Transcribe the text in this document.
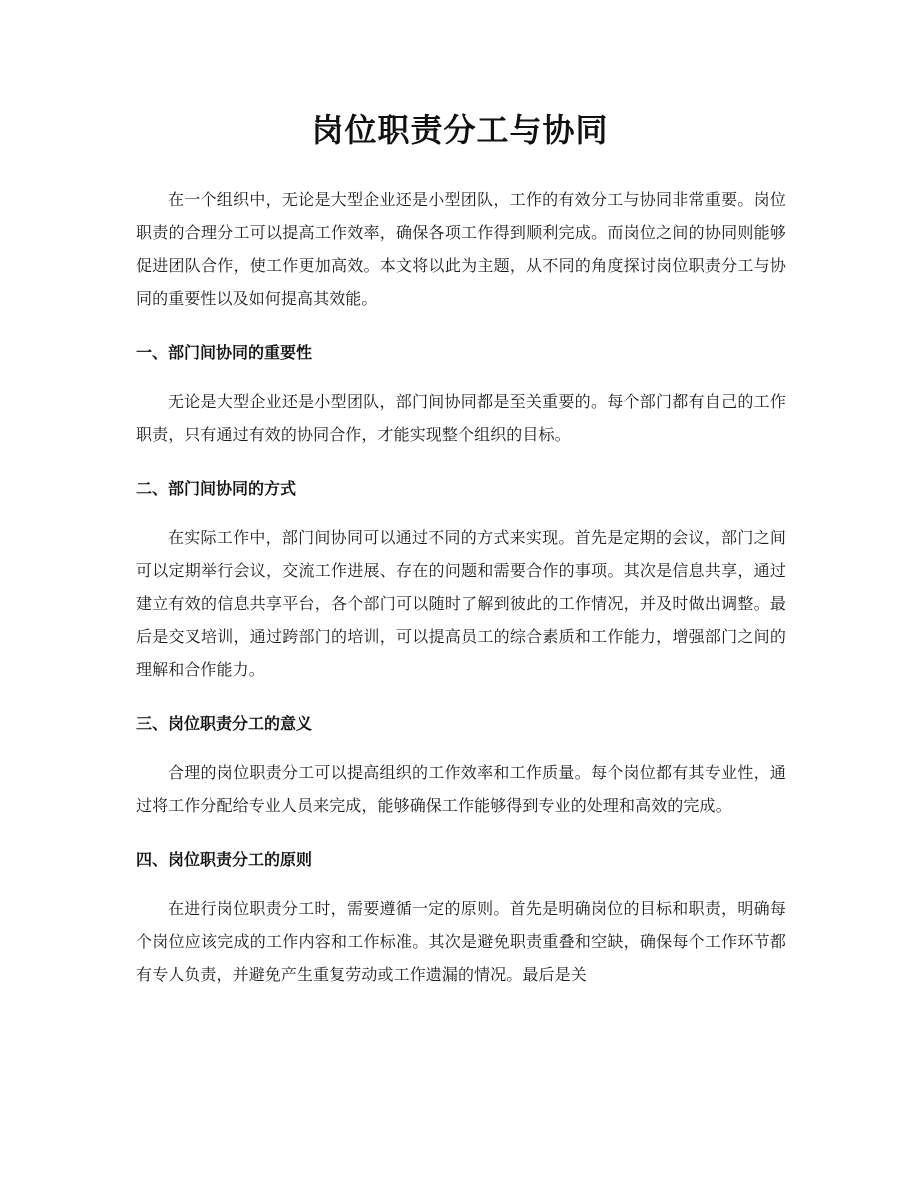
岗位职责分工与协同

在一个组织中，无论是大型企业还是小型团队，工作的有效分工与协同非常重要。岗位职责的合理分工可以提高工作效率，确保各项工作得到顺利完成。而岗位之间的协同则能够促进团队合作，使工作更加高效。本文将以此为主题，从不同的角度探讨岗位职责分工与协同的重要性以及如何提高其效能。

一、部门间协同的重要性

无论是大型企业还是小型团队，部门间协同都是至关重要的。每个部门都有自己的工作职责，只有通过有效的协同合作，才能实现整个组织的目标。

二、部门间协同的方式

在实际工作中，部门间协同可以通过不同的方式来实现。首先是定期的会议，部门之间可以定期举行会议，交流工作进展、存在的问题和需要合作的事项。其次是信息共享，通过建立有效的信息共享平台，各个部门可以随时了解到彼此的工作情况，并及时做出调整。最后是交叉培训，通过跨部门的培训，可以提高员工的综合素质和工作能力，增强部门之间的理解和合作能力。

三、岗位职责分工的意义

合理的岗位职责分工可以提高组织的工作效率和工作质量。每个岗位都有其专业性，通过将工作分配给专业人员来完成，能够确保工作能够得到专业的处理和高效的完成。

四、岗位职责分工的原则

在进行岗位职责分工时，需要遵循一定的原则。首先是明确岗位的目标和职责，明确每个岗位应该完成的工作内容和工作标准。其次是避免职责重叠和空缺，确保每个工作环节都有专人负责，并避免产生重复劳动或工作遗漏的情况。最后是关
